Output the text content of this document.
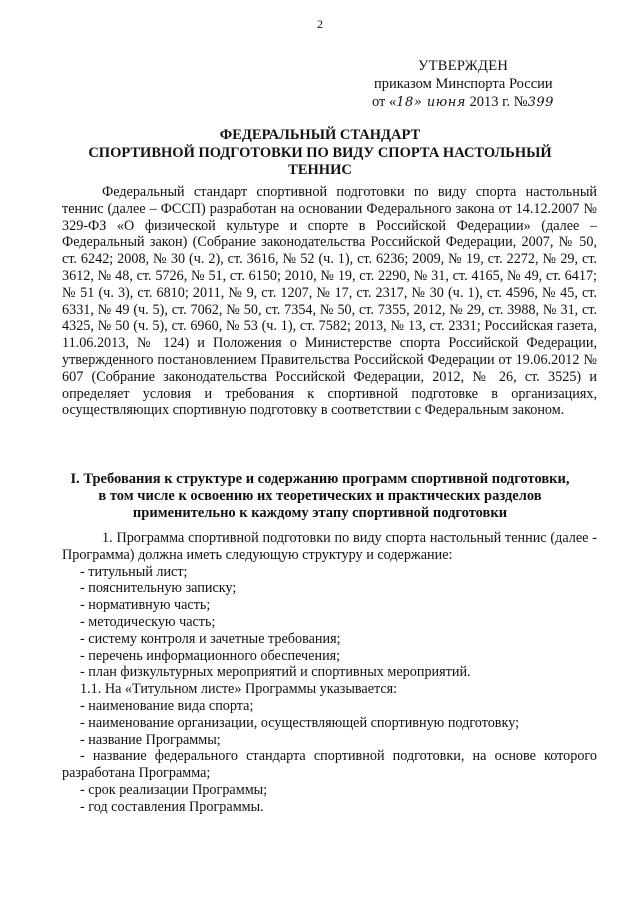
2
УТВЕРЖДЕН
приказом Минспорта России
от «18» июня 2013 г. №399
ФЕДЕРАЛЬНЫЙ СТАНДАРТ
СПОРТИВНОЙ ПОДГОТОВКИ ПО ВИДУ СПОРТА НАСТОЛЬНЫЙ
ТЕННИС

Федеральный стандарт спортивной подготовки по виду спорта настольный теннис (далее – ФССП) разработан на основании Федерального закона от 14.12.2007 № 329-ФЗ «О физической культуре и спорте в Российской Федерации» (далее – Федеральный закон) (Собрание законодательства Российской Федерации, 2007, № 50, ст. 6242; 2008, № 30 (ч. 2), ст. 3616, № 52 (ч. 1), ст. 6236; 2009, № 19, ст. 2272, № 29, ст. 3612, № 48, ст. 5726, № 51, ст. 6150; 2010, № 19, ст. 2290, № 31, ст. 4165, № 49, ст. 6417; № 51 (ч. 3), ст. 6810; 2011, № 9, ст. 1207, № 17, ст. 2317, № 30 (ч. 1), ст. 4596, № 45, ст. 6331, № 49 (ч. 5), ст. 7062, № 50, ст. 7354, № 50, ст. 7355, 2012, № 29, ст. 3988, № 31, ст. 4325, № 50 (ч. 5), ст. 6960, № 53 (ч. 1), ст. 7582; 2013, № 13, ст. 2331; Российская газета, 11.06.2013, № 124) и Положения о Министерстве спорта Российской Федерации, утвержденного постановлением Правительства Российской Федерации от 19.06.2012 № 607 (Собрание законодательства Российской Федерации, 2012, № 26, ст. 3525) и определяет условия и требования к спортивной подготовке в организациях, осуществляющих спортивную подготовку в соответствии с Федеральным законом.

I. Требования к структуре и содержанию программ спортивной подготовки,
в том числе к освоению их теоретических и практических разделов
применительно к каждому этапу спортивной подготовки

1. Программа спортивной подготовки по виду спорта настольный теннис (далее - Программа) должна иметь следующую структуру и содержание:

- титульный лист;
- пояснительную записку;
- нормативную часть;
- методическую часть;
- систему контроля и зачетные требования;
- перечень информационного обеспечения;
- план физкультурных мероприятий и спортивных мероприятий.
1.1. На «Титульном листе» Программы указывается:
- наименование вида спорта;
- наименование организации, осуществляющей спортивную подготовку;
- название Программы;

- название федерального стандарта спортивной подготовки, на основе которого разработана Программа;

- срок реализации Программы;
- год составления Программы.
